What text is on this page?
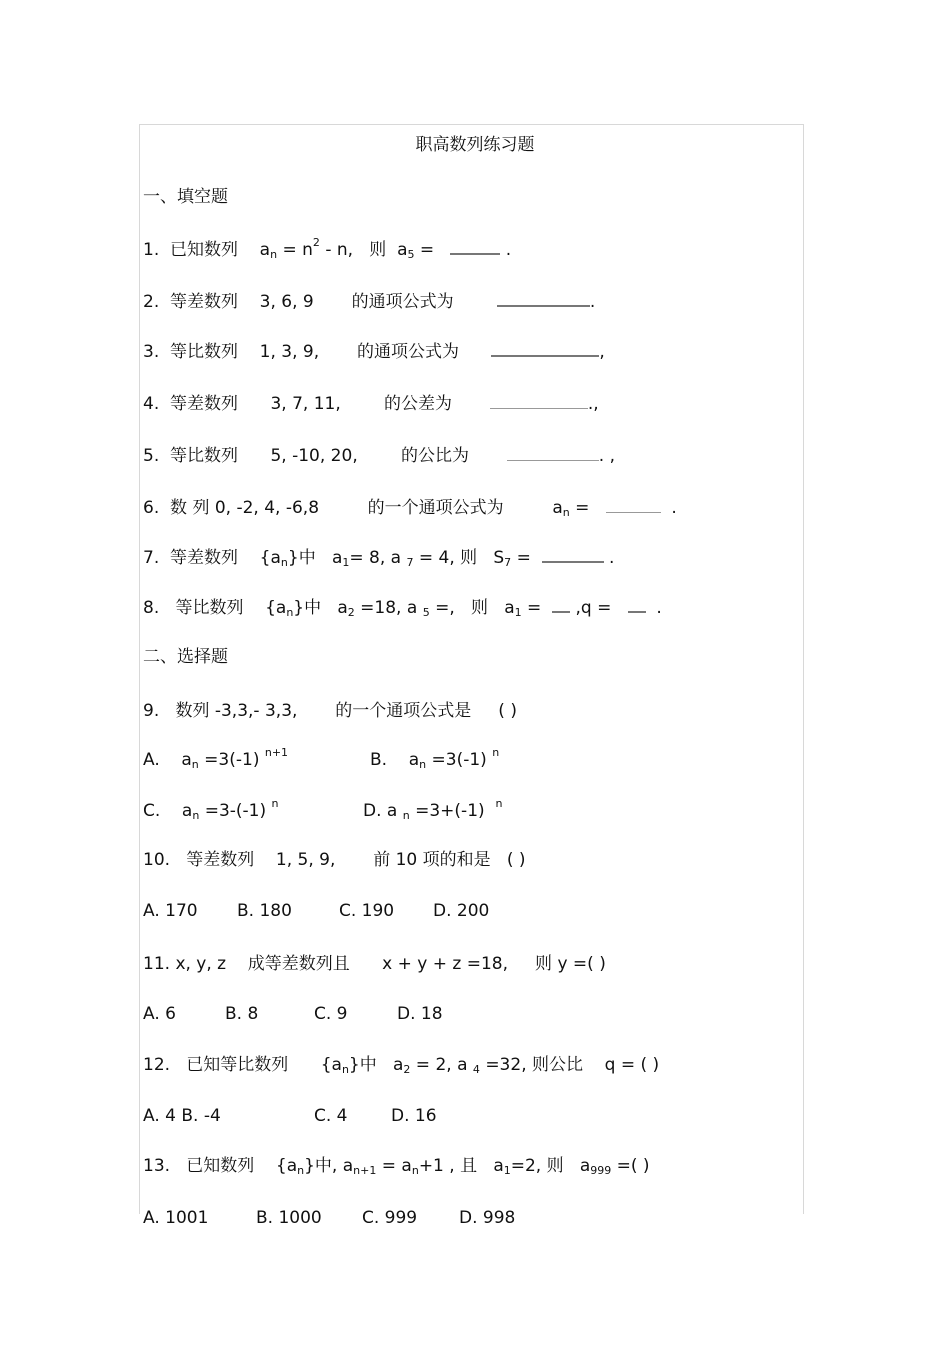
职高数列练习题
一、填空题
1. 已知数列 an = $n^2$ - n, 则 a5 =	.
2. 等差数列 3, 6, 9 的通项公式为	.
3. 等比数列 1, 3, 9, 的通项公式为	,
4. 等差数列 3, 7, 11,	的公差为	.,
5. 等比数列 5, -10, 20,	的公比为	. ,
6. 数 列 0, -2, 4, -6,8	的一个通项公式为	an =	.
7. 等差数列 {an}中 a1= 8, a 7 = 4, 则 S7 =	.
8. 等比数列 {an}中 a2 =18, a 5 =, 则 a1 = ,q =	.
二、选择题
9. 数列 -3,3,- 3,3, 的一个通项公式是 ( )
A. an =3(-1) $^{n+1}$	B. an =3(-1) $^n$
C. an =3-(-1) $^n$	D. a n =3+(-1) $^n$
10. 等差数列 1, 5, 9, 前 10 项的和是 ( )
A. 170 B. 180	C. 190 D. 200
11. x, y, z 成等差数列且 x + y + z =18, 则 y =( )
A. 6	B. 8	C. 9	D. 18
12. 已知等比数列 {an}中 a2 = 2, a 4 =32, 则公比 q = ( )
A. 4 B. -4	C. 4	D. 16
13. 已知数列 {an}中, an+1 = an+1 , 且 a1=2, 则 a999 =( )
A. 1001	B. 1000 C. 999 D. 998
